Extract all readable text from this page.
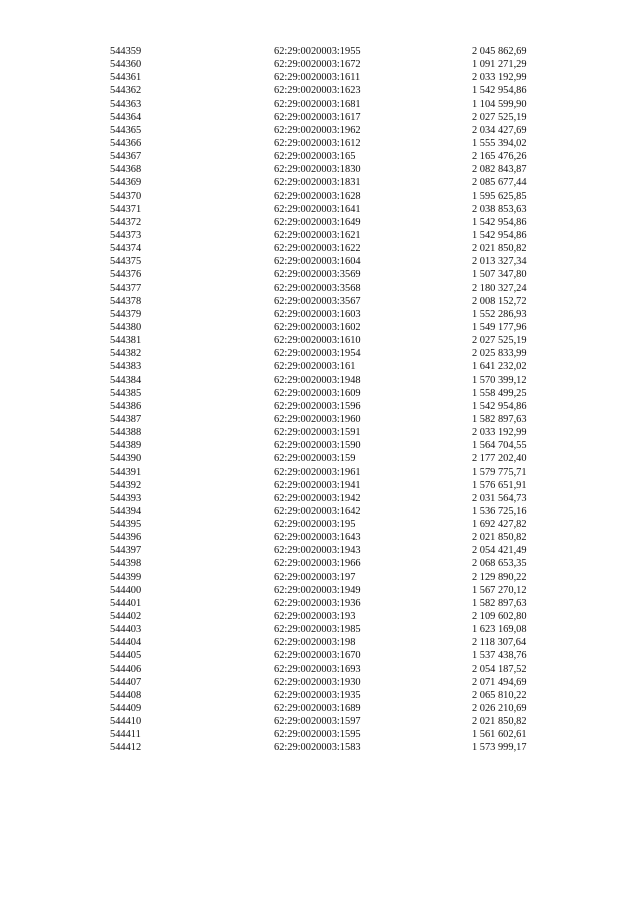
544359	62:29:0020003:1955	2 045 862,69
544360	62:29:0020003:1672	1 091 271,29
544361	62:29:0020003:1611	2 033 192,99
544362	62:29:0020003:1623	1 542 954,86
544363	62:29:0020003:1681	1 104 599,90
544364	62:29:0020003:1617	2 027 525,19
544365	62:29:0020003:1962	2 034 427,69
544366	62:29:0020003:1612	1 555 394,02
544367	62:29:0020003:165	2 165 476,26
544368	62:29:0020003:1830	2 082 843,87
544369	62:29:0020003:1831	2 085 677,44
544370	62:29:0020003:1628	1 595 625,85
544371	62:29:0020003:1641	2 038 853,63
544372	62:29:0020003:1649	1 542 954,86
544373	62:29:0020003:1621	1 542 954,86
544374	62:29:0020003:1622	2 021 850,82
544375	62:29:0020003:1604	2 013 327,34
544376	62:29:0020003:3569	1 507 347,80
544377	62:29:0020003:3568	2 180 327,24
544378	62:29:0020003:3567	2 008 152,72
544379	62:29:0020003:1603	1 552 286,93
544380	62:29:0020003:1602	1 549 177,96
544381	62:29:0020003:1610	2 027 525,19
544382	62:29:0020003:1954	2 025 833,99
544383	62:29:0020003:161	1 641 232,02
544384	62:29:0020003:1948	1 570 399,12
544385	62:29:0020003:1609	1 558 499,25
544386	62:29:0020003:1596	1 542 954,86
544387	62:29:0020003:1960	1 582 897,63
544388	62:29:0020003:1591	2 033 192,99
544389	62:29:0020003:1590	1 564 704,55
544390	62:29:0020003:159	2 177 202,40
544391	62:29:0020003:1961	1 579 775,71
544392	62:29:0020003:1941	1 576 651,91
544393	62:29:0020003:1942	2 031 564,73
544394	62:29:0020003:1642	1 536 725,16
544395	62:29:0020003:195	1 692 427,82
544396	62:29:0020003:1643	2 021 850,82
544397	62:29:0020003:1943	2 054 421,49
544398	62:29:0020003:1966	2 068 653,35
544399	62:29:0020003:197	2 129 890,22
544400	62:29:0020003:1949	1 567 270,12
544401	62:29:0020003:1936	1 582 897,63
544402	62:29:0020003:193	2 109 602,80
544403	62:29:0020003:1985	1 623 169,08
544404	62:29:0020003:198	2 118 307,64
544405	62:29:0020003:1670	1 537 438,76
544406	62:29:0020003:1693	2 054 187,52
544407	62:29:0020003:1930	2 071 494,69
544408	62:29:0020003:1935	2 065 810,22
544409	62:29:0020003:1689	2 026 210,69
544410	62:29:0020003:1597	2 021 850,82
544411	62:29:0020003:1595	1 561 602,61
544412	62:29:0020003:1583	1 573 999,17
